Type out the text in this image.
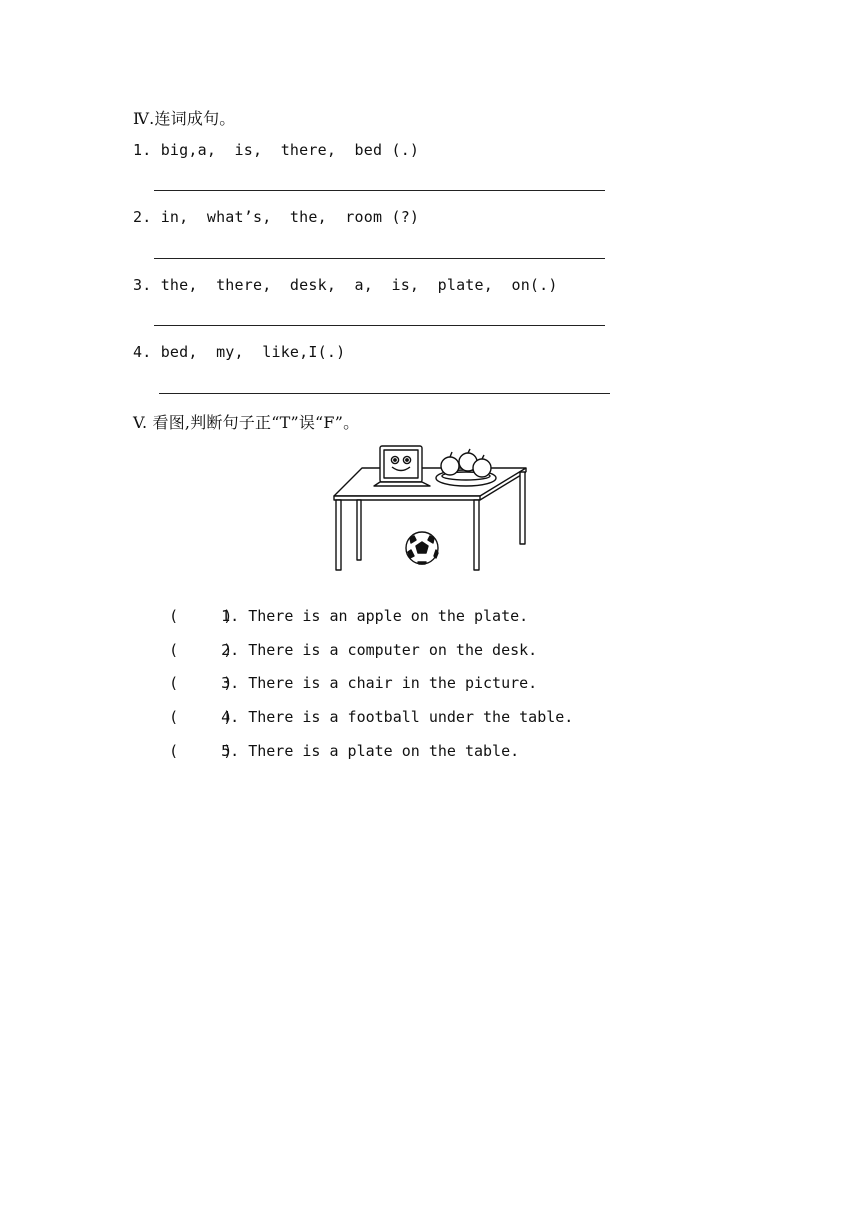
Ⅳ.连词成句。
1. big,a,  is,  there,  bed (.)
2. in,  what’s,  the,  room (?)
3. the,  there,  desk,  a,  is,  plate,  on(.)
4. bed,  my,  like,I(.)
V. 看图,判断句子正“T”误“F”。

(     )1. There is an apple on the plate.

(     )2. There is a computer on the desk.

(     )3. There is a chair in the picture.

(     )4. There is a football under the table.

(     )5. There is a plate on the table.
